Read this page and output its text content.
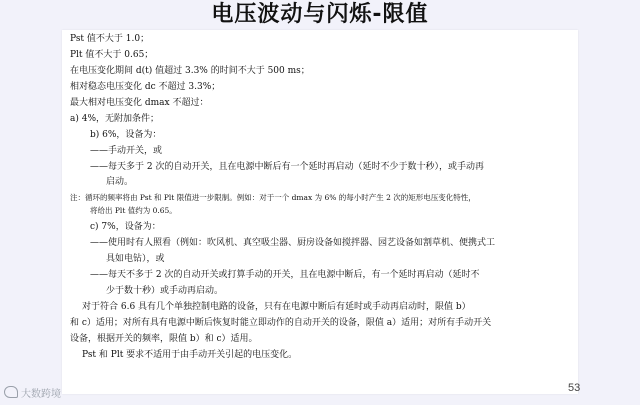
电压波动与闪烁-限值
Pst 值不大于 1.0；
Plt 值不大于 0.65；
在电压变化期间 d(t) 值超过 3.3% 的时间不大于 500 ms；
相对稳态电压变化 dc 不超过 3.3%；
最大相对电压变化 dmax 不超过：
a) 4%，无附加条件；
b) 6%，设备为：
——手动开关，或
——每天多于 2 次的自动开关，且在电源中断后有一个延时再启动（延时不少于数十秒），或手动再
启动。
注：循环的频率将由 Pst 和 Plt 限值进一步限制。例如：对于一个 dmax 为 6% 的每小时产生 2 次的矩形电压变化特性，
将给出 Plt 值约为 0.65。
c) 7%，设备为：
——使用时有人照看（例如：吹风机、真空吸尘器、厨房设备如搅拌器、园艺设备如割草机、便携式工
具如电钻），或
——每天不多于 2 次的自动开关或打算手动的开关，且在电源中断后，有一个延时再启动（延时不
少于数十秒）或手动再启动。
对于符合 6.6 具有几个单独控制电路的设备，只有在电源中断后有延时或手动再启动时，限值 b）
和 c）适用；对所有具有电源中断后恢复时能立即动作的自动开关的设备，限值 a）适用；对所有手动开关
设备，根据开关的频率，限值 b）和 c）适用。
Pst 和 Plt 要求不适用于由手动开关引起的电压变化。
大数跨境	53
